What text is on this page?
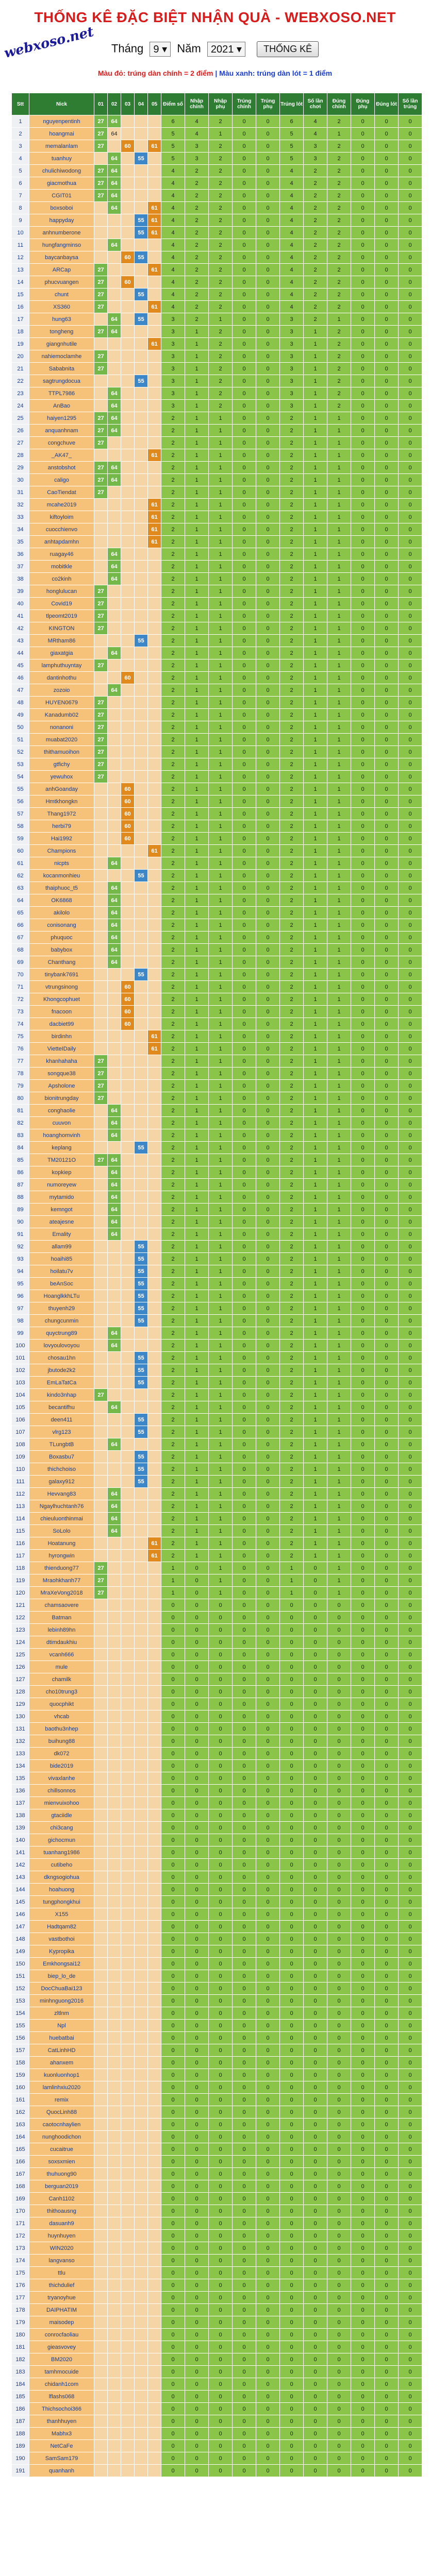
webxoso.net
THỐNG KÊ ĐẶC BIỆT NHẬN QUÀ - WEBXOSO.NET
Tháng 9 ▾ Năm 2021 ▾ THỐNG KÊ
Màu đỏ: trúng dàn chính = 2 điểm | Màu xanh: trúng dàn lót = 1 điểm
Stt	Nick	01	02	03	04	05	Điểm số	Nhập chính	Nhập phụ	Trúng chính	Trúng phụ	Trúng lót	Số lần chơi	Đúng chính	Đúng phụ	Đúng lót	Số lần trúng
1	nguyenpentinh	27	64				6	4	2	0	0	6	4	2	0	0	0
2	hoangmai	27	64				5	4	1	0	0	5	4	1	0	0	0
3	memalanlam	27		60		61	5	3	2	0	0	5	3	2	0	0	0
4	tuanhuy		64		55		5	3	2	0	0	5	3	2	0	0	0
5	chulichiwodong	27	64				4	2	2	0	0	4	2	2	0	0	0
6	giacmothua	27	64				4	2	2	0	0	4	2	2	0	0	0
7	CGIT01	27	64				4	2	2	0	0	4	2	2	0	0	0
8	boxsoboi		64			61	4	2	2	0	0	4	2	2	0	0	0
9	happyday				55	61	4	2	2	0	0	4	2	2	0	0	0
10	anhnumberone				55	61	4	2	2	0	0	4	2	2	0	0	0
11	hungfangminso		64				4	2	2	0	0	4	2	2	0	0	0
12	baycanbaysa			60	55		4	2	2	0	0	4	2	2	0	0	0
13	ARCap	27				61	4	2	2	0	0	4	2	2	0	0	0
14	phucvuangen	27		60			4	2	2	0	0	4	2	2	0	0	0
15	chunt	27			55		4	2	2	0	0	4	2	2	0	0	0
16	XS360	27				61	4	2	2	0	0	4	2	2	0	0	0
17	hung63		64		55		3	2	1	0	0	3	2	1	0	0	0
18	tongheng	27	64				3	1	2	0	0	3	1	2	0	0	0
19	giangnhutile					61	3	1	2	0	0	3	1	2	0	0	0
20	nahiemoclamhe	27					3	1	2	0	0	3	1	2	0	0	0
21	Sababnita	27					3	1	2	0	0	3	1	2	0	0	0
22	sagtrungdocua				55		3	1	2	0	0	3	1	2	0	0	0
23	TTPL7986		64				3	1	2	0	0	3	1	2	0	0	0
24	AnBao		64				3	1	2	0	0	3	1	2	0	0	0
25	haiyen1295	27	64				2	1	1	0	0	2	1	1	0	0	0
26	anquanhnam	27	64				2	1	1	0	0	2	1	1	0	0	0
27	congchuve	27					2	1	1	0	0	2	1	1	0	0	0
28	_AK47_					61	2	1	1	0	0	2	1	1	0	0	0
29	anstobshot	27	64				2	1	1	0	0	2	1	1	0	0	0
30	caligo	27	64				2	1	1	0	0	2	1	1	0	0	0
31	CaoTiendat	27					2	1	1	0	0	2	1	1	0	0	0
32	mcahe2019					61	2	1	1	0	0	2	1	1	0	0	0
33	kiftoyloim					61	2	1	1	0	0	2	1	1	0	0	0
34	cuocchienvo					61	2	1	1	0	0	2	1	1	0	0	0
35	anhtapdamhn					61	2	1	1	0	0	2	1	1	0	0	0
36	ruagay46		64				2	1	1	0	0	2	1	1	0	0	0
37	mobitkle		64				2	1	1	0	0	2	1	1	0	0	0
38	co2kinh		64				2	1	1	0	0	2	1	1	0	0	0
39	honglulucan	27					2	1	1	0	0	2	1	1	0	0	0
40	Covid19	27					2	1	1	0	0	2	1	1	0	0	0
41	tlpeomt2019	27					2	1	1	0	0	2	1	1	0	0	0
42	KINGTON	27					2	1	1	0	0	2	1	1	0	0	0
43	MRtham86				55		2	1	1	0	0	2	1	1	0	0	0
44	giaxatgia		64				2	1	1	0	0	2	1	1	0	0	0
45	lamphuthuyntay	27					2	1	1	0	0	2	1	1	0	0	0
46	dantinhothu			60			2	1	1	0	0	2	1	1	0	0	0
47	zozoio		64				2	1	1	0	0	2	1	1	0	0	0
48	HUYEN0679	27					2	1	1	0	0	2	1	1	0	0	0
49	Kanadumb02	27					2	1	1	0	0	2	1	1	0	0	0
50	nonanoni	27					2	1	1	0	0	2	1	1	0	0	0
51	muabat2020	27					2	1	1	0	0	2	1	1	0	0	0
52	thithamuoihon	27					2	1	1	0	0	2	1	1	0	0	0
53	gtfichy	27					2	1	1	0	0	2	1	1	0	0	0
54	yewuhox	27					2	1	1	0	0	2	1	1	0	0	0
55	anhGoanday			60			2	1	1	0	0	2	1	1	0	0	0
56	Hmtkhongkn			60			2	1	1	0	0	2	1	1	0	0	0
57	Thang1972			60			2	1	1	0	0	2	1	1	0	0	0
58	herbi79			60			2	1	1	0	0	2	1	1	0	0	0
59	Hai1992			60			2	1	1	0	0	2	1	1	0	0	0
60	Champions					61	2	1	1	0	0	2	1	1	0	0	0
61	nicpts		64				2	1	1	0	0	2	1	1	0	0	0
62	kocanmonhieu				55		2	1	1	0	0	2	1	1	0	0	0
63	thaiphuoc_t5		64				2	1	1	0	0	2	1	1	0	0	0
64	OK6868		64				2	1	1	0	0	2	1	1	0	0	0
65	akilolo		64				2	1	1	0	0	2	1	1	0	0	0
66	conisonang		64				2	1	1	0	0	2	1	1	0	0	0
67	phuquoc		64				2	1	1	0	0	2	1	1	0	0	0
68	babybox		64				2	1	1	0	0	2	1	1	0	0	0
69	Chanthang		64				2	1	1	0	0	2	1	1	0	0	0
70	tinybank7691				55		2	1	1	0	0	2	1	1	0	0	0
71	vtrungsinong			60			2	1	1	0	0	2	1	1	0	0	0
72	Khongcophuet			60			2	1	1	0	0	2	1	1	0	0	0
73	fnacoon			60			2	1	1	0	0	2	1	1	0	0	0
74	dacbiet99			60			2	1	1	0	0	2	1	1	0	0	0
75	birdinhn					61	2	1	1	0	0	2	1	1	0	0	0
76	VietteIDaily					61	2	1	1	0	0	2	1	1	0	0	0
77	khanhahaha	27					2	1	1	0	0	2	1	1	0	0	0
78	songque38	27					2	1	1	0	0	2	1	1	0	0	0
79	Apsholone	27					2	1	1	0	0	2	1	1	0	0	0
80	bionitrungday	27					2	1	1	0	0	2	1	1	0	0	0
81	conghaolie		64				2	1	1	0	0	2	1	1	0	0	0
82	cuuvon		64				2	1	1	0	0	2	1	1	0	0	0
83	hoanghomvinh		64				2	1	1	0	0	2	1	1	0	0	0
84	keplang				55		2	1	1	0	0	2	1	1	0	0	0
85	TM20121O	27	64				2	1	1	0	0	2	1	1	0	0	0
86	kopkiep		64				2	1	1	0	0	2	1	1	0	0	0
87	numoreyew		64				2	1	1	0	0	2	1	1	0	0	0
88	mytamido		64				2	1	1	0	0	2	1	1	0	0	0
89	kemngot		64				2	1	1	0	0	2	1	1	0	0	0
90	ateajesne		64				2	1	1	0	0	2	1	1	0	0	0
91	Emality		64				2	1	1	0	0	2	1	1	0	0	0
92	allam99				55		2	1	1	0	0	2	1	1	0	0	0
93	hoaihi85				55		2	1	1	0	0	2	1	1	0	0	0
94	hoilatu7v				55		2	1	1	0	0	2	1	1	0	0	0
95	beAnSoc				55		2	1	1	0	0	2	1	1	0	0	0
96	HoanglkkhLTu				55		2	1	1	0	0	2	1	1	0	0	0
97	thuyenh29				55		2	1	1	0	0	2	1	1	0	0	0
98	chungcunmin				55		2	1	1	0	0	2	1	1	0	0	0
99	quyctrung89		64				2	1	1	0	0	2	1	1	0	0	0
100	lovyoulovoyou		64				2	1	1	0	0	2	1	1	0	0	0
101	chosau1hn				55		2	1	1	0	0	2	1	1	0	0	0
102	jbutode2k2				55		2	1	1	0	0	2	1	1	0	0	0
103	EmLaTatCa				55		2	1	1	0	0	2	1	1	0	0	0
104	kindo3nhap	27					2	1	1	0	0	2	1	1	0	0	0
105	becantifhu		64				2	1	1	0	0	2	1	1	0	0	0
106	deen411				55		2	1	1	0	0	2	1	1	0	0	0
107	vlrg123				55		2	1	1	0	0	2	1	1	0	0	0
108	TLungbtB		64				2	1	1	0	0	2	1	1	0	0	0
109	Boxasbu7				55		2	1	1	0	0	2	1	1	0	0	0
110	thichchoiso				55		2	1	1	0	0	2	1	1	0	0	0
111	galaxy912				55		2	1	1	0	0	2	1	1	0	0	0
112	Hevvang83		64				2	1	1	0	0	2	1	1	0	0	0
113	Ngaylhuchtanh76		64				2	1	1	0	0	2	1	1	0	0	0
114	chieuluonthinmai		64				2	1	1	0	0	2	1	1	0	0	0
115	SoLolo		64				2	1	1	0	0	2	1	1	0	0	0
116	Hoatanung					61	2	1	1	0	0	2	1	1	0	0	0
117	hyrongwin					61	2	1	1	0	0	2	1	1	0	0	0
118	thienduong77	27					1	0	1	0	0	1	0	1	0	0	0
119	Mraohkhanh77	27					1	0	1	0	0	1	0	1	0	0	0
120	MraXeVong2018	27					1	0	1	0	0	1	0	1	0	0	0
121	chamsaovere						0	0	0	0	0	0	0	0	0	0	0
122	Batman						0	0	0	0	0	0	0	0	0	0	0
123	lebinh89hn						0	0	0	0	0	0	0	0	0	0	0
124	dtimdaukhiu						0	0	0	0	0	0	0	0	0	0	0
125	vcanh666						0	0	0	0	0	0	0	0	0	0	0
126	mule						0	0	0	0	0	0	0	0	0	0	0
127	chamilk						0	0	0	0	0	0	0	0	0	0	0
128	cho10trung3						0	0	0	0	0	0	0	0	0	0	0
129	quocphikt						0	0	0	0	0	0	0	0	0	0	0
130	vhcab						0	0	0	0	0	0	0	0	0	0	0
131	baothu3nhep						0	0	0	0	0	0	0	0	0	0	0
132	buihung88						0	0	0	0	0	0	0	0	0	0	0
133	dk072						0	0	0	0	0	0	0	0	0	0	0
134	bide2019						0	0	0	0	0	0	0	0	0	0	0
135	vivaxlanhe						0	0	0	0	0	0	0	0	0	0	0
136	chillsonnos						0	0	0	0	0	0	0	0	0	0	0
137	mienvuixohoo						0	0	0	0	0	0	0	0	0	0	0
138	gtaciidle						0	0	0	0	0	0	0	0	0	0	0
139	chi3cang						0	0	0	0	0	0	0	0	0	0	0
140	gichocmun						0	0	0	0	0	0	0	0	0	0	0
141	tuanhang1986						0	0	0	0	0	0	0	0	0	0	0
142	cutibeho						0	0	0	0	0	0	0	0	0	0	0
143	dkngsogiohua						0	0	0	0	0	0	0	0	0	0	0
144	hoahuong						0	0	0	0	0	0	0	0	0	0	0
145	tungphongkhui						0	0	0	0	0	0	0	0	0	0	0
146	X155						0	0	0	0	0	0	0	0	0	0	0
147	Hadtqam82						0	0	0	0	0	0	0	0	0	0	0
148	vastbothoi						0	0	0	0	0	0	0	0	0	0	0
149	Kypropika						0	0	0	0	0	0	0	0	0	0	0
150	Emkhongsai12						0	0	0	0	0	0	0	0	0	0	0
151	biep_lo_de						0	0	0	0	0	0	0	0	0	0	0
152	DocChuaBai123						0	0	0	0	0	0	0	0	0	0	0
153	minhnguong2016						0	0	0	0	0	0	0	0	0	0	0
154	zltlnm						0	0	0	0	0	0	0	0	0	0	0
155	Npl						0	0	0	0	0	0	0	0	0	0	0
156	huebatbai						0	0	0	0	0	0	0	0	0	0	0
157	CatLinhHD						0	0	0	0	0	0	0	0	0	0	0
158	ahanxem						0	0	0	0	0	0	0	0	0	0	0
159	kuonluonhop1						0	0	0	0	0	0	0	0	0	0	0
160	lamlinhxiu2020						0	0	0	0	0	0	0	0	0	0	0
161	remix						0	0	0	0	0	0	0	0	0	0	0
162	QuocLinh88						0	0	0	0	0	0	0	0	0	0	0
163	caotocnhaylien						0	0	0	0	0	0	0	0	0	0	0
164	nunghoodichon						0	0	0	0	0	0	0	0	0	0	0
165	cucaitrue						0	0	0	0	0	0	0	0	0	0	0
166	soxsxmien						0	0	0	0	0	0	0	0	0	0	0
167	thuhuong90						0	0	0	0	0	0	0	0	0	0	0
168	berguan2019						0	0	0	0	0	0	0	0	0	0	0
169	Canh1102						0	0	0	0	0	0	0	0	0	0	0
170	thithoausng						0	0	0	0	0	0	0	0	0	0	0
171	dasuanh9						0	0	0	0	0	0	0	0	0	0	0
172	huynhuyen						0	0	0	0	0	0	0	0	0	0	0
173	WIN2020						0	0	0	0	0	0	0	0	0	0	0
174	langvanso						0	0	0	0	0	0	0	0	0	0	0
175	ttlu						0	0	0	0	0	0	0	0	0	0	0
176	thichdulief						0	0	0	0	0	0	0	0	0	0	0
177	tryanoyhue						0	0	0	0	0	0	0	0	0	0	0
178	DAIPHATIM						0	0	0	0	0	0	0	0	0	0	0
179	maisodep						0	0	0	0	0	0	0	0	0	0	0
180	conrocfaoliau						0	0	0	0	0	0	0	0	0	0	0
181	gieasvovey						0	0	0	0	0	0	0	0	0	0	0
182	BM2020						0	0	0	0	0	0	0	0	0	0	0
183	tamhmocuide						0	0	0	0	0	0	0	0	0	0	0
184	chidanh1com						0	0	0	0	0	0	0	0	0	0	0
185	lflashs068						0	0	0	0	0	0	0	0	0	0	0
186	Thichsochoi366						0	0	0	0	0	0	0	0	0	0	0
187	thanhhuyen						0	0	0	0	0	0	0	0	0	0	0
188	Mabhx3						0	0	0	0	0	0	0	0	0	0	0
189	NetCaFe						0	0	0	0	0	0	0	0	0	0	0
190	SamSam179						0	0	0	0	0	0	0	0	0	0	0
191	quanhanh						0	0	0	0	0	0	0	0	0	0	0
